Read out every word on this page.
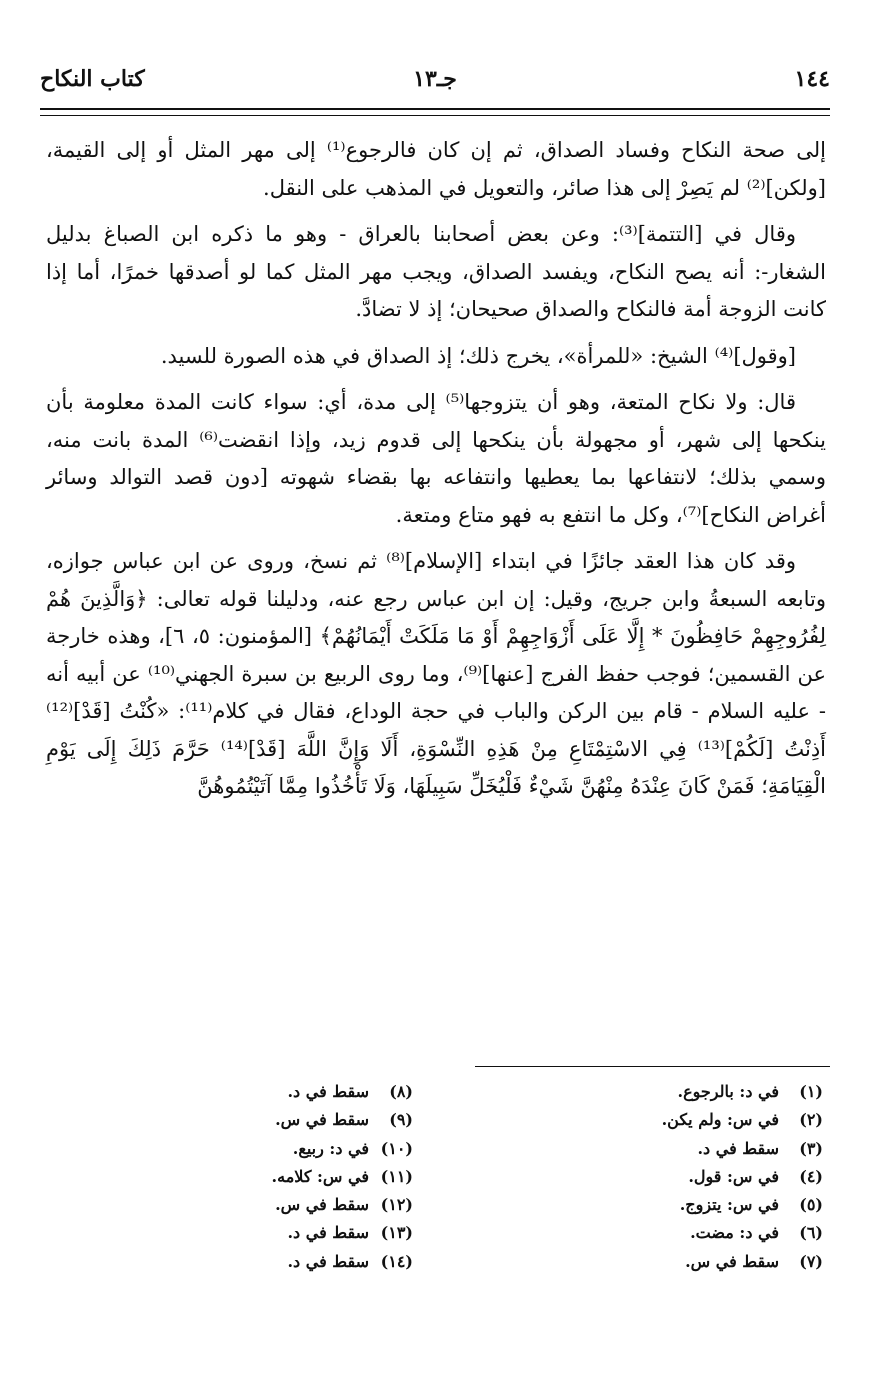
١٤٤
جـ١٣
كتاب النكاح

إلى صحة النكاح وفساد الصداق، ثم إن كان فالرجوع⁽¹⁾ إلى مهر المثل أو إلى القيمة، [ولكن]⁽²⁾ لم يَصِرْ إلى هذا صائر، والتعويل في المذهب على النقل.

وقال في [التتمة]⁽³⁾: وعن بعض أصحابنا بالعراق - وهو ما ذكره ابن الصباغ بدليل الشغار-: أنه يصح النكاح، ويفسد الصداق، ويجب مهر المثل كما لو أصدقها خمرًا، أما إذا كانت الزوجة أمة فالنكاح والصداق صحيحان؛ إذ لا تضادَّ.

[وقول]⁽⁴⁾ الشيخ: «للمرأة»، يخرج ذلك؛ إذ الصداق في هذه الصورة للسيد.

قال: ولا نكاح المتعة، وهو أن يتزوجها⁽⁵⁾ إلى مدة، أي: سواء كانت المدة معلومة بأن ينكحها إلى شهر، أو مجهولة بأن ينكحها إلى قدوم زيد، وإذا انقضت⁽⁶⁾ المدة بانت منه، وسمي بذلك؛ لانتفاعها بما يعطيها وانتفاعه بها بقضاء شهوته [دون قصد التوالد وسائر أغراض النكاح]⁽⁷⁾، وكل ما انتفع به فهو متاع ومتعة.

وقد كان هذا العقد جائزًا في ابتداء [الإسلام]⁽⁸⁾ ثم نسخ، وروى عن ابن عباس جوازه، وتابعه السبعةُ وابن جريج، وقيل: إن ابن عباس رجع عنه، ودليلنا قوله تعالى: ﴿وَالَّذِينَ هُمْ لِفُرُوجِهِمْ حَافِظُونَ * إِلَّا عَلَى أَزْوَاجِهِمْ أَوْ مَا مَلَكَتْ أَيْمَانُهُمْ﴾ [المؤمنون: ٥، ٦]، وهذه خارجة عن القسمين؛ فوجب حفظ الفرج [عنها]⁽⁹⁾، وما روى الربيع بن سبرة الجهني⁽¹⁰⁾ عن أبيه أنه - عليه السلام - قام بين الركن والباب في حجة الوداع، فقال في كلام⁽¹¹⁾: «كُنْتُ [قَدْ]⁽¹²⁾ أَذِنْتُ [لَكُمْ]⁽¹³⁾ فِي الاسْتِمْتَاعِ مِنْ هَذِهِ النِّسْوَةِ، أَلَا وَإِنَّ اللَّهَ [قَدْ]⁽¹⁴⁾ حَرَّمَ ذَلِكَ إِلَى يَوْمِ الْقِيَامَةِ؛ فَمَنْ كَانَ عِنْدَهُ مِنْهُنَّ شَيْءٌ فَلْيُخَلِّ سَبِيلَهَا، وَلَا تَأْخُذُوا مِمَّا آتَيْتُمُوهُنَّ

(١)في د: بالرجوع.
(٢)في س: ولم يكن.
(٣)سقط في د.
(٤)في س: قول.
(٥)في س: يتزوج.
(٦)في د: مضت.
(٧)سقط في س.
(٨)سقط في د.
(٩)سقط في س.
(١٠)في د: ربيع.
(١١)في س: كلامه.
(١٢)سقط في س.
(١٣)سقط في د.
(١٤)سقط في د.
